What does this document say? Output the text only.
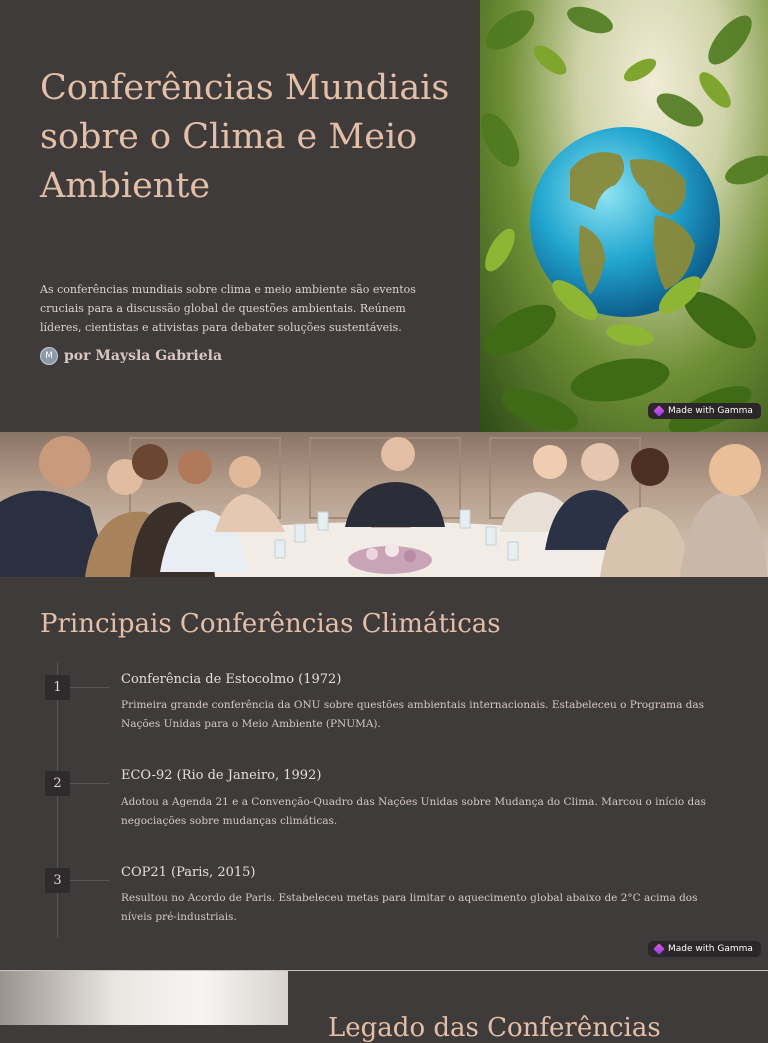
Conferências Mundiais sobre o Clima e Meio Ambiente

As conferências mundiais sobre clima e meio ambiente são eventos cruciais para a discussão global de questões ambientais. Reúnem líderes, cientistas e ativistas para debater soluções sustentáveis.

M por Maysla Gabriela
Made with Gamma
Principais Conferências Climáticas
1
Conferência de Estocolmo (1972)
Primeira grande conferência da ONU sobre questões ambientais internacionais. Estabeleceu o Programa das Nações Unidas para o Meio Ambiente (PNUMA).
2
ECO-92 (Rio de Janeiro, 1992)
Adotou a Agenda 21 e a Convenção-Quadro das Nações Unidas sobre Mudança do Clima. Marcou o início das negociações sobre mudanças climáticas.
3
COP21 (Paris, 2015)
Resultou no Acordo de Paris. Estabeleceu metas para limitar o aquecimento global abaixo de 2°C acima dos níveis pré-industriais.
Made with Gamma
Legado das Conferências
